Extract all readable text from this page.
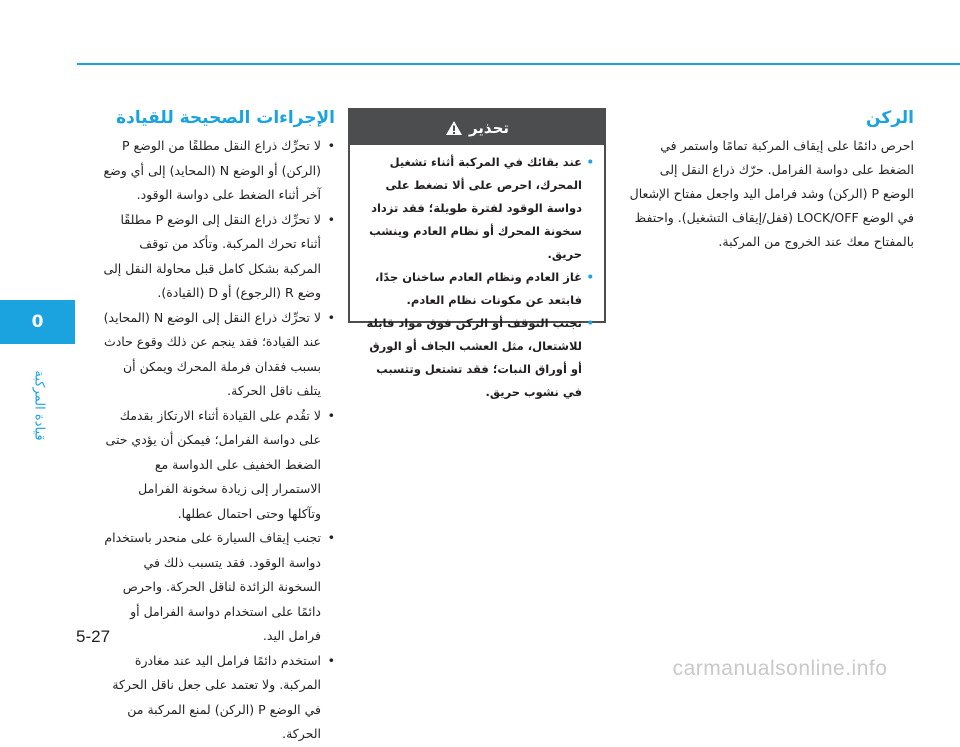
0
قيادة المركبة
الركن

احرص دائمًا على إيقاف المركبة تمامًا واستمر في الضغط على دواسة الفرامل. حرّك ذراع النقل إلى الوضع P (الركن) وشد فرامل اليد واجعل مفتاح الإشعال في الوضع LOCK/OFF (قفل/إيقاف التشغيل). واحتفظ بالمفتاح معك عند الخروج من المركبة.

تحذير
• عند بقائك في المركبة أثناء تشغيل المحرك، احرص على ألا تضغط على دواسة الوقود لفترة طويلة؛ فقد تزداد سخونة المحرك أو نظام العادم وينشب حريق.
• غاز العادم ونظام العادم ساخنان جدًا، فابتعد عن مكونات نظام العادم.
• تجنب التوقف أو الركن فوق مواد قابلة للاشتعال، مثل العشب الجاف أو الورق أو أوراق النبات؛ فقد تشتعل وتتسبب في نشوب حريق.
الإجراءات الصحيحة للقيادة
• لا تحرِّك ذراع النقل مطلقًا من الوضع P (الركن) أو الوضع N (المحايد) إلى أي وضع آخر أثناء الضغط على دواسة الوقود.
• لا تحرِّك ذراع النقل إلى الوضع P مطلقًا أثناء تحرك المركبة. وتأكد من توقف المركبة بشكل كامل قبل محاولة النقل إلى وضع R (الرجوع) أو D (القيادة).
• لا تحرِّك ذراع النقل إلى الوضع N (المحايد) عند القيادة؛ فقد ينجم عن ذلك وقوع حادث بسبب فقدان فرملة المحرك ويمكن أن يتلف ناقل الحركة.
• لا تقُدم على القيادة أثناء الارتكاز بقدمك على دواسة الفرامل؛ فيمكن أن يؤدي حتى الضغط الخفيف على الدواسة مع الاستمرار إلى زيادة سخونة الفرامل وتآكلها وحتى احتمال عطلها.
• تجنب إيقاف السيارة على منحدر باستخدام دواسة الوقود. فقد يتسبب ذلك في السخونة الزائدة لناقل الحركة. واحرص دائمًا على استخدام دواسة الفرامل أو فرامل اليد.
• استخدم دائمًا فرامل اليد عند مغادرة المركبة. ولا تعتمد على جعل ناقل الحركة في الوضع P (الركن) لمنع المركبة من الحركة.
5-27
carmanualsonline.info
